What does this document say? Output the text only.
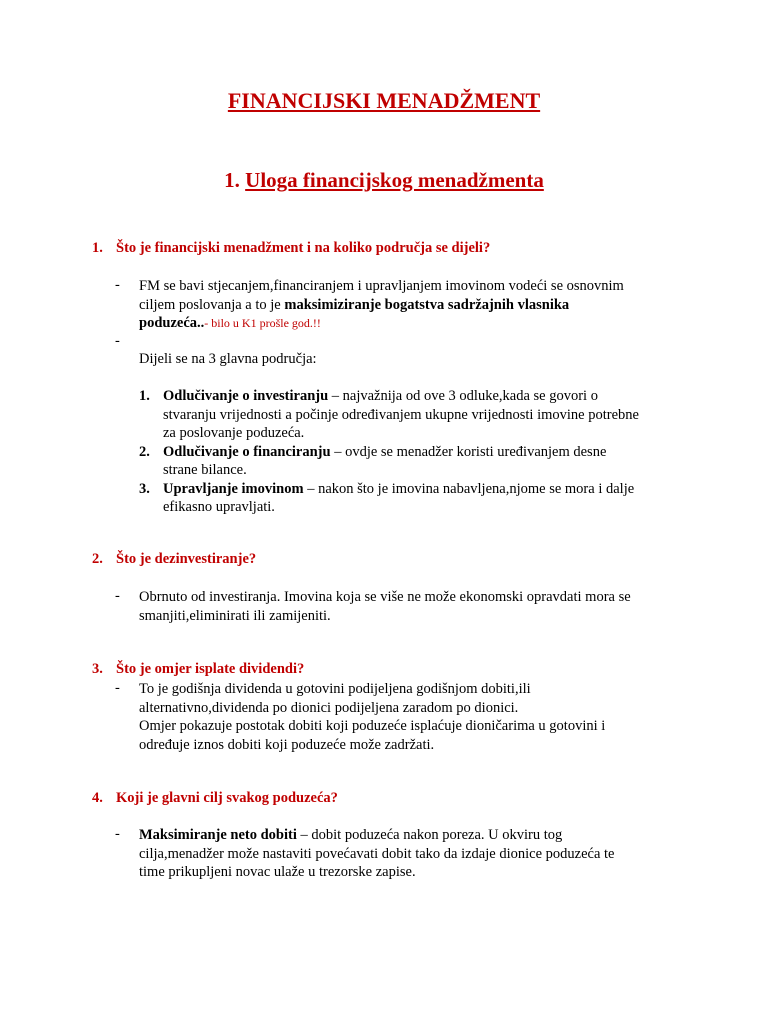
FINANCIJSKI MENADŽMENT
1. Uloga financijskog menadžmenta
1. Što je financijski menadžment i na koliko područja se dijeli?
- FM se bavi stjecanjem,financiranjem i upravljanjem imovinom vodeći se osnovnim
ciljem poslovanja a to je maksimiziranje bogatstva sadržajnih vlasnika
poduzeća..- bilo u K1 prošle god.!!
-
Dijeli se na 3 glavna područja:
1. Odlučivanje o investiranju – najvažnija od ove 3 odluke,kada se govori o
stvaranju vrijednosti a počinje određivanjem ukupne vrijednosti imovine potrebne
za poslovanje poduzeća.
2. Odlučivanje o financiranju – ovdje se menadžer koristi uređivanjem desne
strane bilance.
3. Upravljanje imovinom – nakon što je imovina nabavljena,njome se mora i dalje
efikasno upravljati.
2. Što je dezinvestiranje?
- Obrnuto od investiranja. Imovina koja se više ne može ekonomski opravdati mora se
smanjiti,eliminirati ili zamijeniti.
3. Što je omjer isplate dividendi?
- To je godišnja dividenda u gotovini podijeljena godišnjom dobiti,ili
alternativno,dividenda po dionici podijeljena zaradom po dionici.
Omjer pokazuje postotak dobiti koji poduzeće isplaćuje dioničarima u gotovini i
određuje iznos dobiti koji poduzeće može zadržati.
4. Koji je glavni cilj svakog poduzeća?
- Maksimiranje neto dobiti – dobit poduzeća nakon poreza. U okviru tog
cilja,menadžer može nastaviti povećavati dobit tako da izdaje dionice poduzeća te
time prikupljeni novac ulaže u trezorske zapise.
